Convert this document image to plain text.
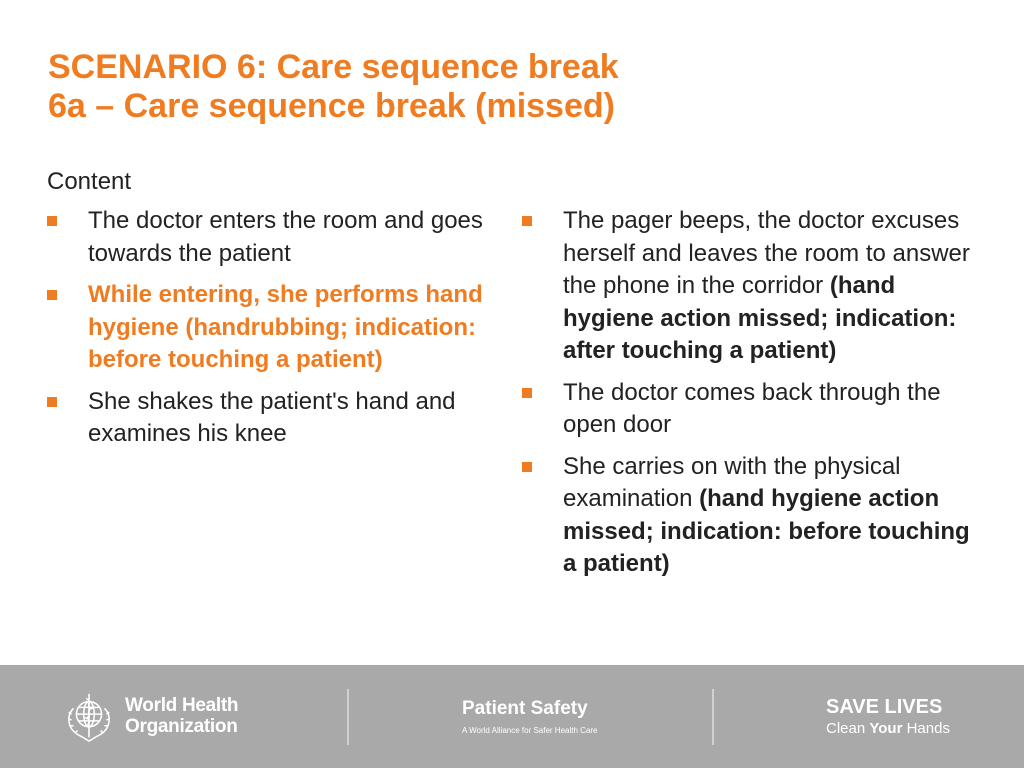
SCENARIO 6: Care sequence break
6a – Care sequence break (missed)
Content
The doctor enters the room and goes towards the patient
While entering, she performs hand hygiene (handrubbing; indication: before touching a patient)
She shakes the patient's hand and examines his knee
The pager beeps, the doctor excuses herself and leaves the room to answer the phone in the corridor (hand hygiene action missed; indication: after touching a patient)
The doctor comes back through the open door
She carries on with the physical examination (hand hygiene action missed; indication: before touching a patient)
World Health
Organization
Patient Safety
A World Alliance for Safer Health Care
SAVE LIVES
Clean Your Hands
